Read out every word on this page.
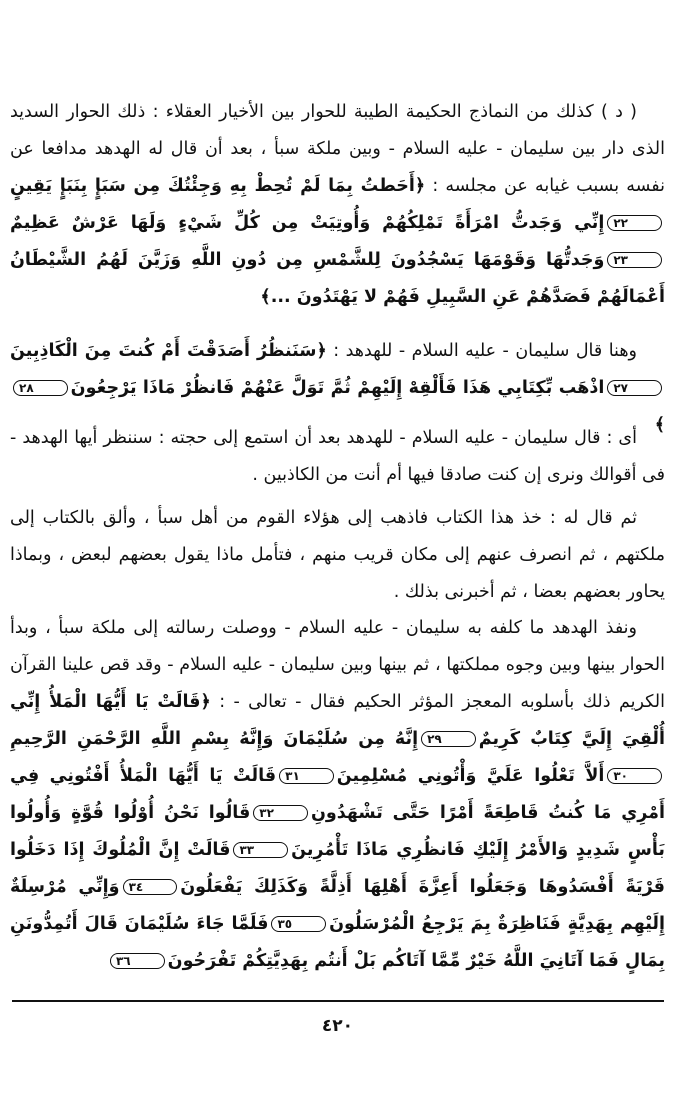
( د ) كذلك من النماذج الحكيمة الطيبة للحوار بين الأخيار العقلاء : ذلك الحوار السديد الذى دار بين سليمان - عليه السلام - وبين ملكة سبأ ، بعد أن قال له الهدهد مدافعا عن نفسه بسبب غيابه عن مجلسه : ﴿أَحَطتُ بِمَا لَمْ تُحِطْ بِهِ وَجِئْتُكَ مِن سَبَإٍ بِنَبَإٍ يَقِينٍ٢٢إِنِّي وَجَدتُّ امْرَأَةً تَمْلِكُهُمْ وَأُوتِيَتْ مِن كُلِّ شَيْءٍ وَلَهَا عَرْشٌ عَظِيمٌ٢٣وَجَدتُّهَا وَقَوْمَهَا يَسْجُدُونَ لِلشَّمْسِ مِن دُونِ اللَّهِ وَزَيَّنَ لَهُمُ الشَّيْطَانُ أَعْمَالَهُمْ فَصَدَّهُمْ عَنِ السَّبِيلِ فَهُمْ لا يَهْتَدُونَ ...﴾

وهنا قال سليمان - عليه السلام - للهدهد : ﴿سَنَنظُرُ أَصَدَقْتَ أَمْ كُنتَ مِنَ الْكَاذِبِينَ٢٧اذْهَب بِّكِتَابِي هَذَا فَأَلْقِهْ إِلَيْهِمْ ثُمَّ تَوَلَّ عَنْهُمْ فَانظُرْ مَاذَا يَرْجِعُونَ٢٨﴾

أى : قال سليمان - عليه السلام - للهدهد بعد أن استمع إلى حجته : سننظر أيها الهدهد - فى أقوالك ونرى إن كنت صادقا فيها أم أنت من الكاذبين .

ثم قال له : خذ هذا الكتاب فاذهب إلى هؤلاء القوم من أهل سبأ ، وألق بالكتاب إلى ملكتهم ، ثم انصرف عنهم إلى مكان قريب منهم ، فتأمل ماذا يقول بعضهم لبعض ، وبماذا يحاور بعضهم بعضا ، ثم أخبرنى بذلك .

ونفذ الهدهد ما كلفه به سليمان - عليه السلام - ووصلت رسالته إلى ملكة سبأ ، وبدأ الحوار بينها وبين وجوه مملكتها ، ثم بينها وبين سليمان - عليه السلام - وقد قص علينا القرآن الكريم ذلك بأسلوبه المعجز المؤثر الحكيم فقال - تعالى - : ﴿قَالَتْ يَا أَيُّهَا الْمَلأُ إِنِّي أُلْقِيَ إِلَيَّ كِتَابٌ كَرِيمٌ٢٩إِنَّهُ مِن سُلَيْمَانَ وَإِنَّهُ بِسْمِ اللَّهِ الرَّحْمَنِ الرَّحِيمِ٣٠أَلاَّ تَعْلُوا عَلَيَّ وَأْتُونِي مُسْلِمِينَ٣١قَالَتْ يَا أَيُّهَا الْمَلأُ أَفْتُونِي فِي أَمْرِي مَا كُنتُ قَاطِعَةً أَمْرًا حَتَّى تَشْهَدُونِ٣٢قَالُوا نَحْنُ أُوْلُوا قُوَّةٍ وَأُولُوا بَأْسٍ شَدِيدٍ وَالأَمْرُ إِلَيْكِ فَانظُرِي مَاذَا تَأْمُرِينَ٣٣قَالَتْ إِنَّ الْمُلُوكَ إِذَا دَخَلُوا قَرْيَةً أَفْسَدُوهَا وَجَعَلُوا أَعِزَّةَ أَهْلِهَا أَذِلَّةً وَكَذَلِكَ يَفْعَلُونَ٣٤وَإِنِّي مُرْسِلَةٌ إِلَيْهِم بِهَدِيَّةٍ فَنَاظِرَةٌ بِمَ يَرْجِعُ الْمُرْسَلُونَ٣٥فَلَمَّا جَاءَ سُلَيْمَانَ قَالَ أَتُمِدُّونَنِ بِمَالٍ فَمَا آتَانِيَ اللَّهُ خَيْرٌ مِّمَّا آتَاكُم بَلْ أَنتُم بِهَدِيَّتِكُمْ تَفْرَحُونَ٣٦

٤٢٠
